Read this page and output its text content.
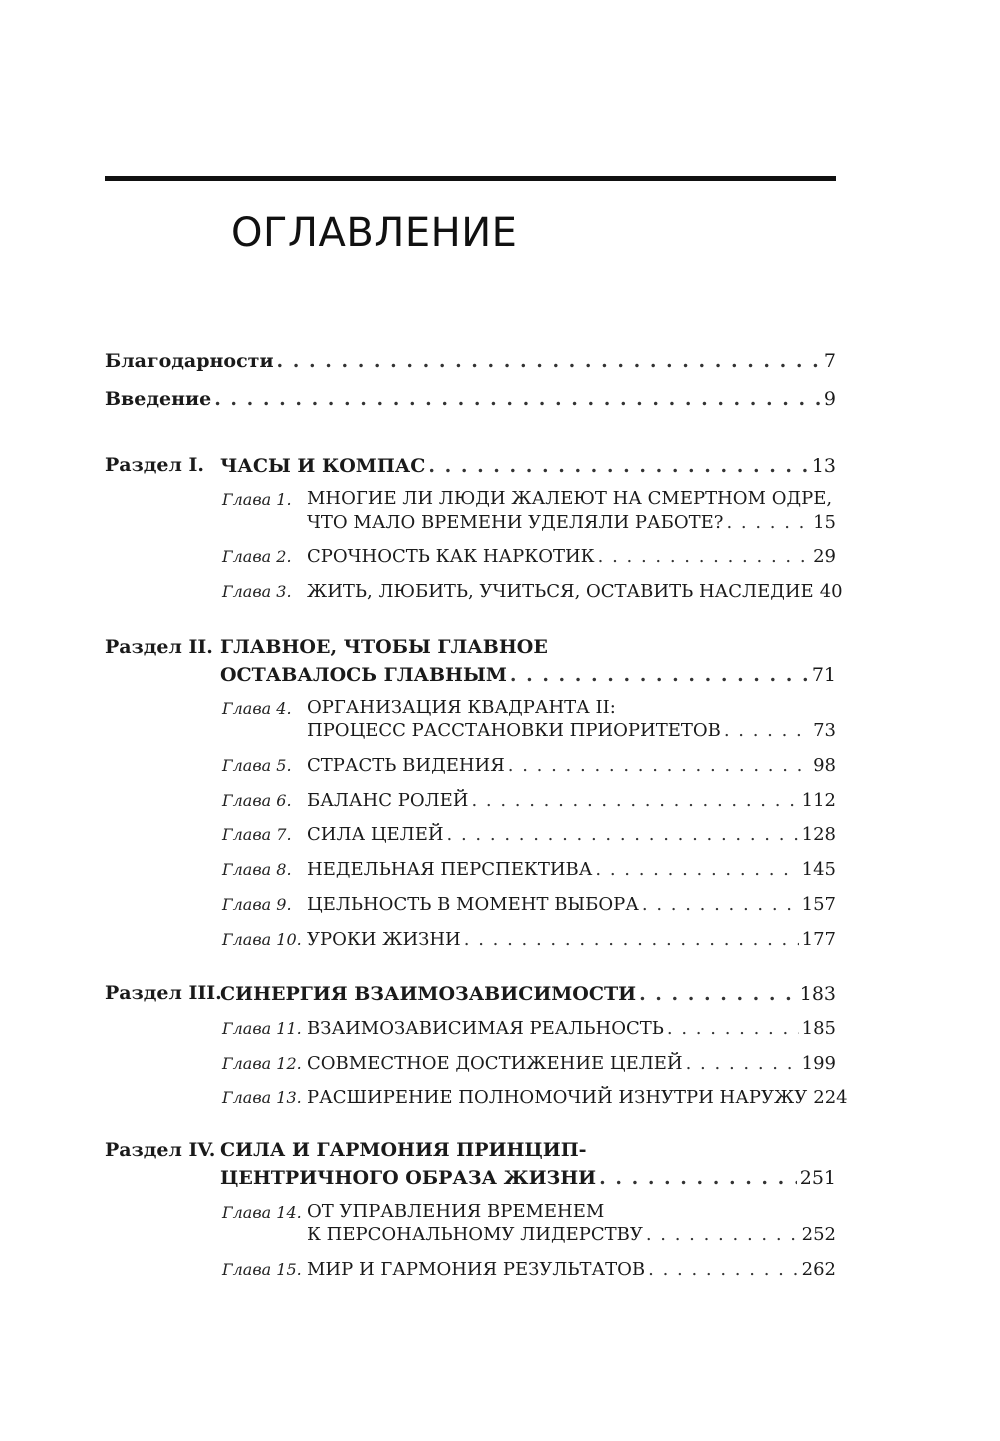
ОГЛАВЛЕНИЕ
Благодарности . . .	7
Введение . . .	9
Раздел I. ЧАСЫ И КОМПАС . . .	13
Глава 1. МНОГИЕ ЛИ ЛЮДИ ЖАЛЕЮТ НА СМЕРТНОМ ОДРЕ,
ЧТО МАЛО ВРЕМЕНИ УДЕЛЯЛИ РАБОТЕ? . . .	15
Глава 2. СРОЧНОСТЬ КАК НАРКОТИК . . .	29
Глава 3. ЖИТЬ, ЛЮБИТЬ, УЧИТЬСЯ, ОСТАВИТЬ НАСЛЕДИЕ 40
Раздел II. ГЛАВНОЕ, ЧТОБЫ ГЛАВНОЕ
ОСТАВАЛОСЬ ГЛАВНЫМ . . .	71
Глава 4. ОРГАНИЗАЦИЯ КВАДРАНТА II:
ПРОЦЕСС РАССТАНОВКИ ПРИОРИТЕТОВ . . .	73
Глава 5. СТРАСТЬ ВИДЕНИЯ . . .	98
Глава 6. БАЛАНС РОЛЕЙ . . .	112
Глава 7. СИЛА ЦЕЛЕЙ . . .	128
Глава 8. НЕДЕЛЬНАЯ ПЕРСПЕКТИВА . . .	145
Глава 9. ЦЕЛЬНОСТЬ В МОМЕНТ ВЫБОРА . . .	157
Глава 10. УРОКИ ЖИЗНИ . . .	177
Раздел III.
СИНЕРГИЯ ВЗАИМОЗАВИСИМОСТИ . . .	183
Глава 11. ВЗАИМОЗАВИСИМАЯ РЕАЛЬНОСТЬ . . .	185
Глава 12. СОВМЕСТНОЕ ДОСТИЖЕНИЕ ЦЕЛЕЙ . . .	199
Глава 13. РАСШИРЕНИЕ ПОЛНОМОЧИЙ ИЗНУТРИ НАРУЖУ 224
Раздел IV. СИЛА И ГАРМОНИЯ ПРИНЦИП-
ЦЕНТРИЧНОГО ОБРАЗА ЖИЗНИ . . .	251
Глава 14. ОТ УПРАВЛЕНИЯ ВРЕМЕНЕМ
К ПЕРСОНАЛЬНОМУ ЛИДЕРСТВУ . . .	252
Глава 15. МИР И ГАРМОНИЯ РЕЗУЛЬТАТОВ . . .	262
